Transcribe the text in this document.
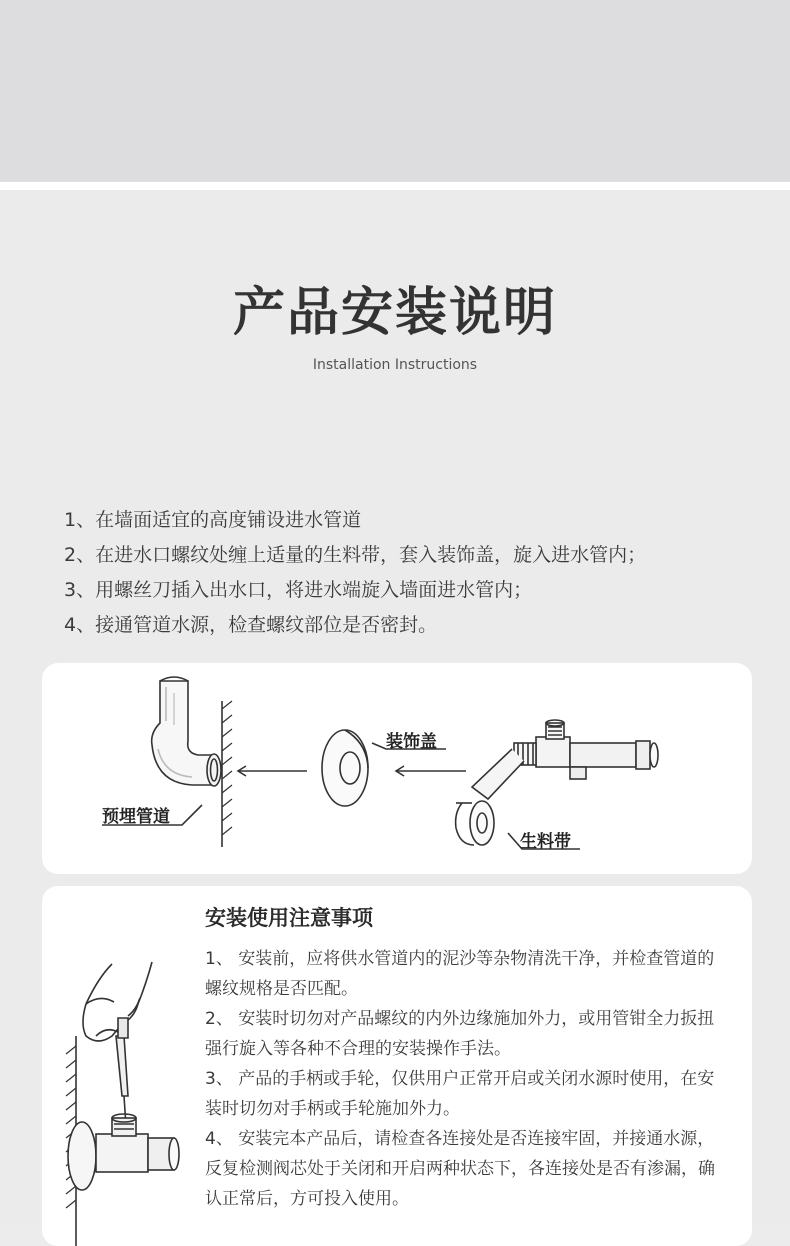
产品安装说明
Installation Instructions
1、在墙面适宜的高度铺设进水管道
2、在进水口螺纹处缠上适量的生料带，套入装饰盖，旋入进水管内；
3、用螺丝刀插入出水口，将进水端旋入墙面进水管内；
4、接通管道水源，检查螺纹部位是否密封。
预埋管道
装饰盖
生料带
安装使用注意事项
1、 安装前，应将供水管道内的泥沙等杂物清洗干净，并检查管道的螺纹规格是否匹配。
2、 安装时切勿对产品螺纹的内外边缘施加外力，或用管钳全力扳扭强行旋入等各种不合理的安装操作手法。
3、 产品的手柄或手轮，仅供用户正常开启或关闭水源时使用，在安装时切勿对手柄或手轮施加外力。
4、 安装完本产品后，请检查各连接处是否连接牢固，并接通水源，反复检测阀芯处于关闭和开启两种状态下，各连接处是否有渗漏，确认正常后，方可投入使用。
